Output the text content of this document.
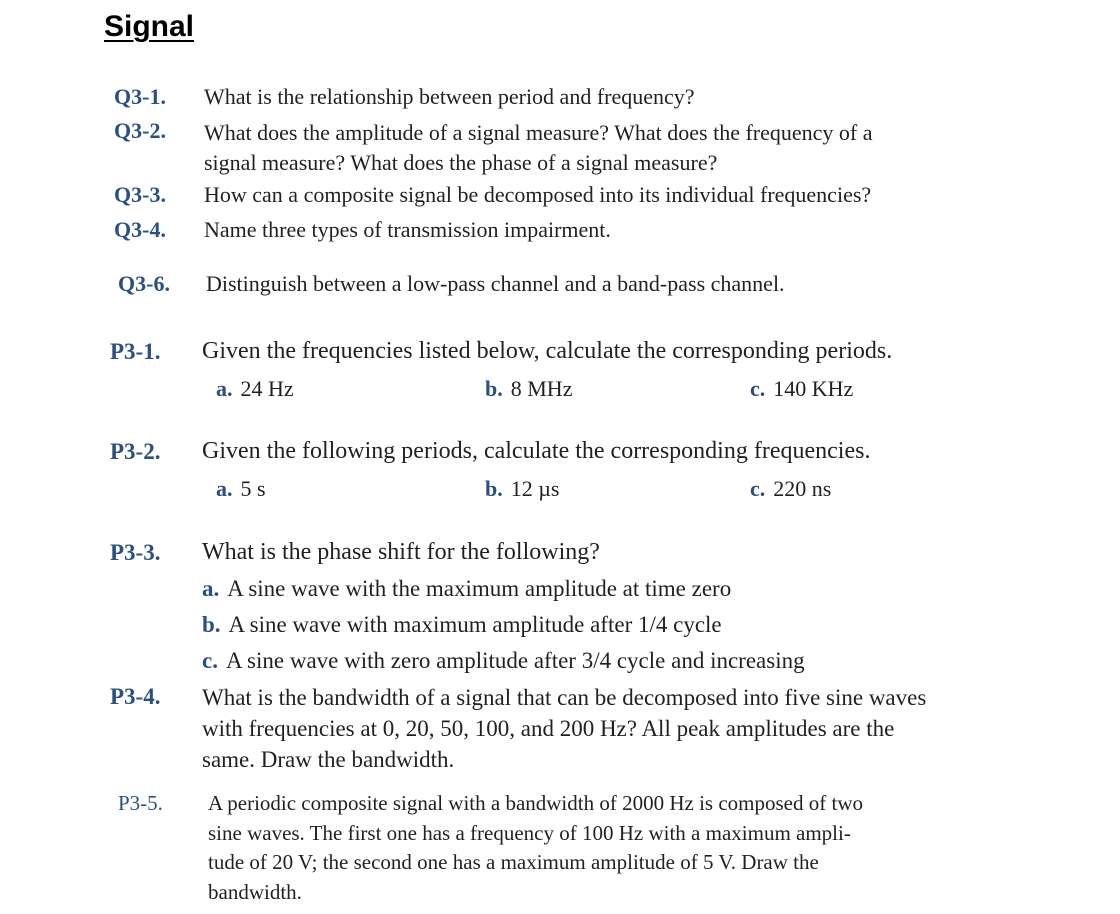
Signal
Q3-1. What is the relationship between period and frequency?
Q3-2. What does the amplitude of a signal measure? What does the frequency of a
signal measure? What does the phase of a signal measure?
Q3-3. How can a composite signal be decomposed into its individual frequencies?
Q3-4. Name three types of transmission impairment.
Q3-6. Distinguish between a low-pass channel and a band-pass channel.
P3-1. Given the frequencies listed below, calculate the corresponding periods.
a. 24 Hz	b. 8 MHz	c. 140 KHz
P3-2. Given the following periods, calculate the corresponding frequencies.
a. 5 s	b. 12 µs	c. 220 ns
P3-3. What is the phase shift for the following?
a. A sine wave with the maximum amplitude at time zero
b. A sine wave with maximum amplitude after 1/4 cycle
c. A sine wave with zero amplitude after 3/4 cycle and increasing
P3-4. What is the bandwidth of a signal that can be decomposed into five sine waves
with frequencies at 0, 20, 50, 100, and 200 Hz? All peak amplitudes are the
same. Draw the bandwidth.
P3-5. A periodic composite signal with a bandwidth of 2000 Hz is composed of two
sine waves. The first one has a frequency of 100 Hz with a maximum ampli-
tude of 20 V; the second one has a maximum amplitude of 5 V. Draw the
bandwidth.
